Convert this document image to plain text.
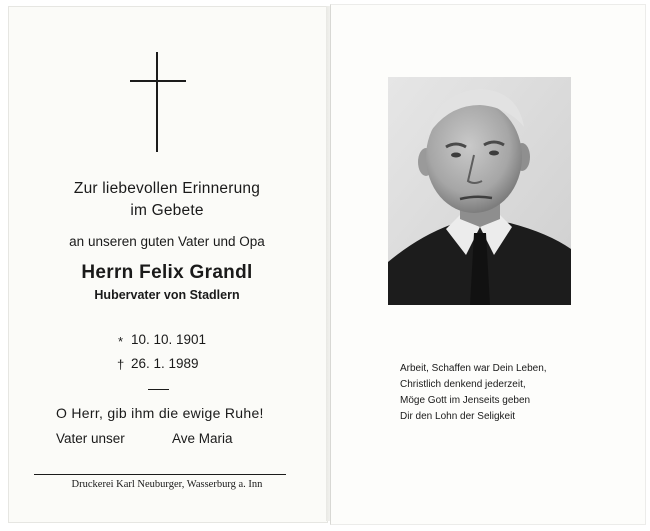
Zur liebevollen Erinnerung
im Gebete
an unseren guten Vater und Opa
Herrn Felix Grandl
Hubervater von Stadlern
* 10. 10. 1901
† 26. 1. 1989
O Herr, gib ihm die ewige Ruhe!
Vater unser	Ave Maria
Druckerei Karl Neuburger, Wasserburg a. Inn
Arbeit, Schaffen war Dein Leben,
Christlich denkend jederzeit,
Möge Gott im Jenseits geben
Dir den Lohn der Seligkeit
